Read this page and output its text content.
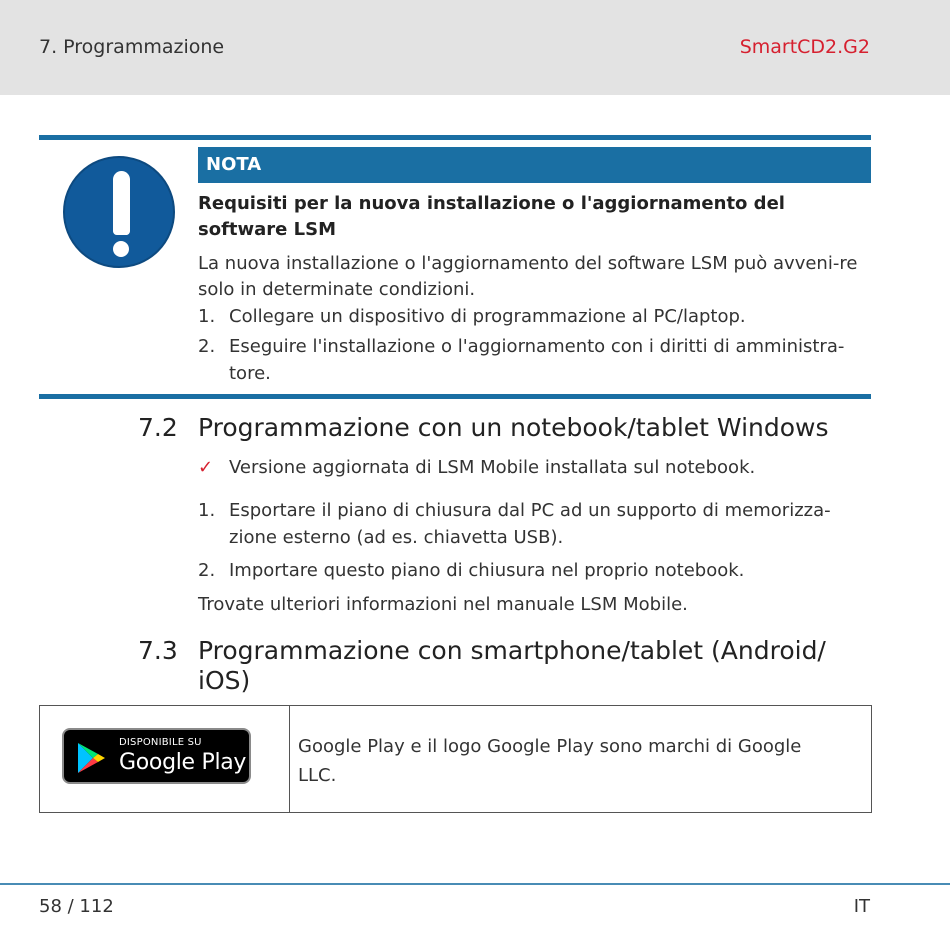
7. Programmazione	SmartCD2.G2
NOTA
Requisiti per la nuova installazione o l'aggiornamento del software LSM
La nuova installazione o l'aggiornamento del software LSM può avveni-re solo in determinate condizioni.
1. Collegare un dispositivo di programmazione al PC/laptop.
2. Eseguire l'installazione o l'aggiornamento con i diritti di amministra-tore.
7.2 Programmazione con un notebook/tablet Windows
✓ Versione aggiornata di LSM Mobile installata sul notebook.
1. Esportare il piano di chiusura dal PC ad un supporto di memorizza-zione esterno (ad es. chiavetta USB).
2. Importare questo piano di chiusura nel proprio notebook.
Trovate ulteriori informazioni nel manuale LSM Mobile.
7.3 Programmazione con smartphone/tablet (Android/ iOS)
DISPONIBILE SU
Google Play
Google Play e il logo Google Play sono marchi di Google LLC.
58 / 112	IT
